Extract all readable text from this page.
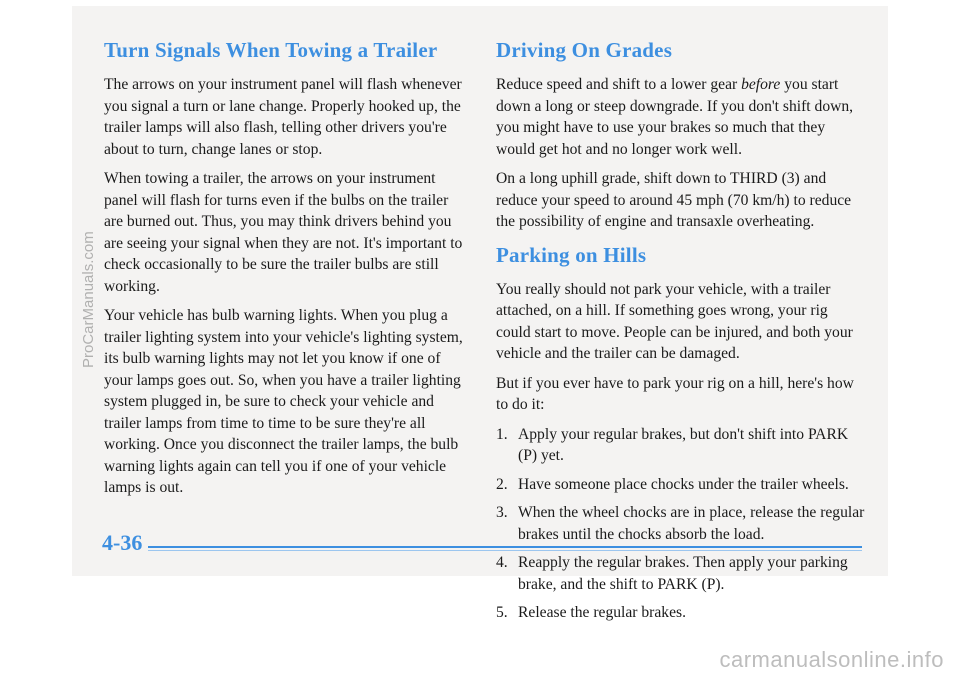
Turn Signals When Towing a Trailer

The arrows on your instrument panel will flash whenever you signal a turn or lane change. Properly hooked up, the trailer lamps will also flash, telling other drivers you're about to turn, change lanes or stop.

When towing a trailer, the arrows on your instrument panel will flash for turns even if the bulbs on the trailer are burned out. Thus, you may think drivers behind you are seeing your signal when they are not. It's important to check occasionally to be sure the trailer bulbs are still working.

Your vehicle has bulb warning lights. When you plug a trailer lighting system into your vehicle's lighting system, its bulb warning lights may not let you know if one of your lamps goes out. So, when you have a trailer lighting system plugged in, be sure to check your vehicle and trailer lamps from time to time to be sure they're all working. Once you disconnect the trailer lamps, the bulb warning lights again can tell you if one of your vehicle lamps is out.

Driving On Grades

Reduce speed and shift to a lower gear before you start down a long or steep downgrade. If you don't shift down, you might have to use your brakes so much that they would get hot and no longer work well.

On a long uphill grade, shift down to THIRD (3) and reduce your speed to around 45 mph (70 km/h) to reduce the possibility of engine and transaxle overheating.

Parking on Hills

You really should not park your vehicle, with a trailer attached, on a hill. If something goes wrong, your rig could start to move. People can be injured, and both your vehicle and the trailer can be damaged.

But if you ever have to park your rig on a hill, here's how to do it:

1. Apply your regular brakes, but don't shift into PARK (P) yet.
2. Have someone place chocks under the trailer wheels.
3. When the wheel chocks are in place, release the regular brakes until the chocks absorb the load.
4. Reapply the regular brakes. Then apply your parking brake, and the shift to PARK (P).
5. Release the regular brakes.
4-36
ProCarManuals.com
carmanualsonline.info
